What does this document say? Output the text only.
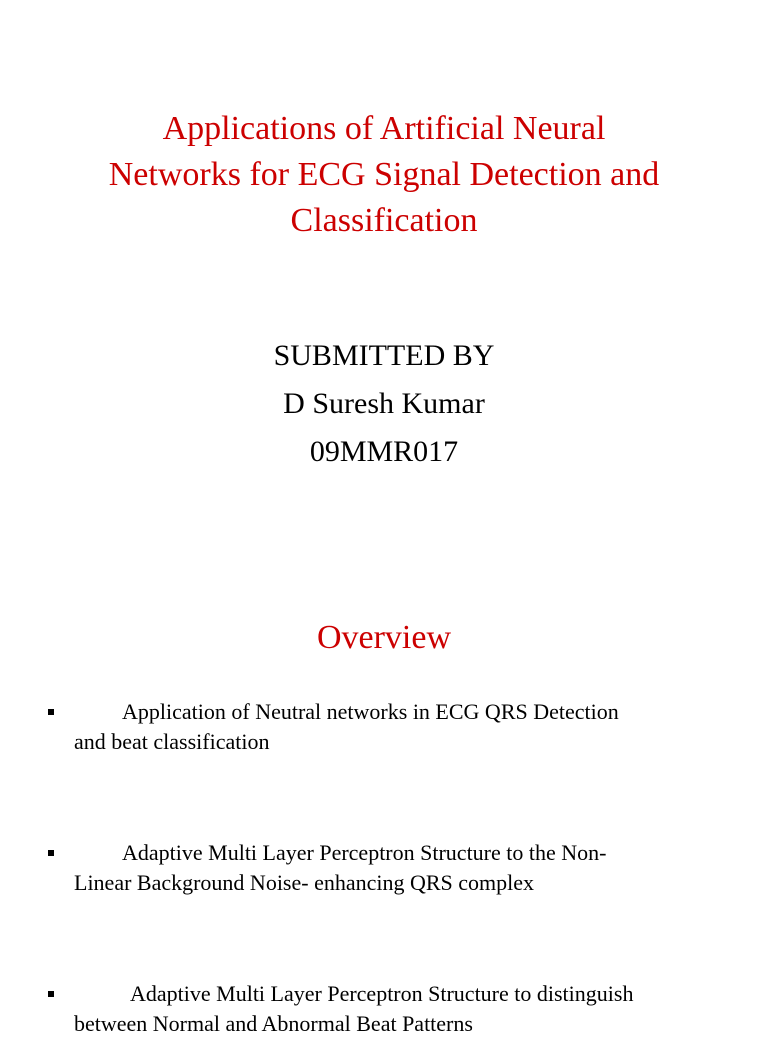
Applications of Artificial Neural
Networks for ECG Signal Detection and
Classification
SUBMITTED BY
D Suresh Kumar
09MMR017
Overview
Application of Neutral networks in ECG QRS Detection
and beat classification
Adaptive Multi Layer Perceptron Structure to the Non-
Linear Background Noise- enhancing QRS complex
Adaptive Multi Layer Perceptron Structure to distinguish
between Normal and Abnormal Beat Patterns
